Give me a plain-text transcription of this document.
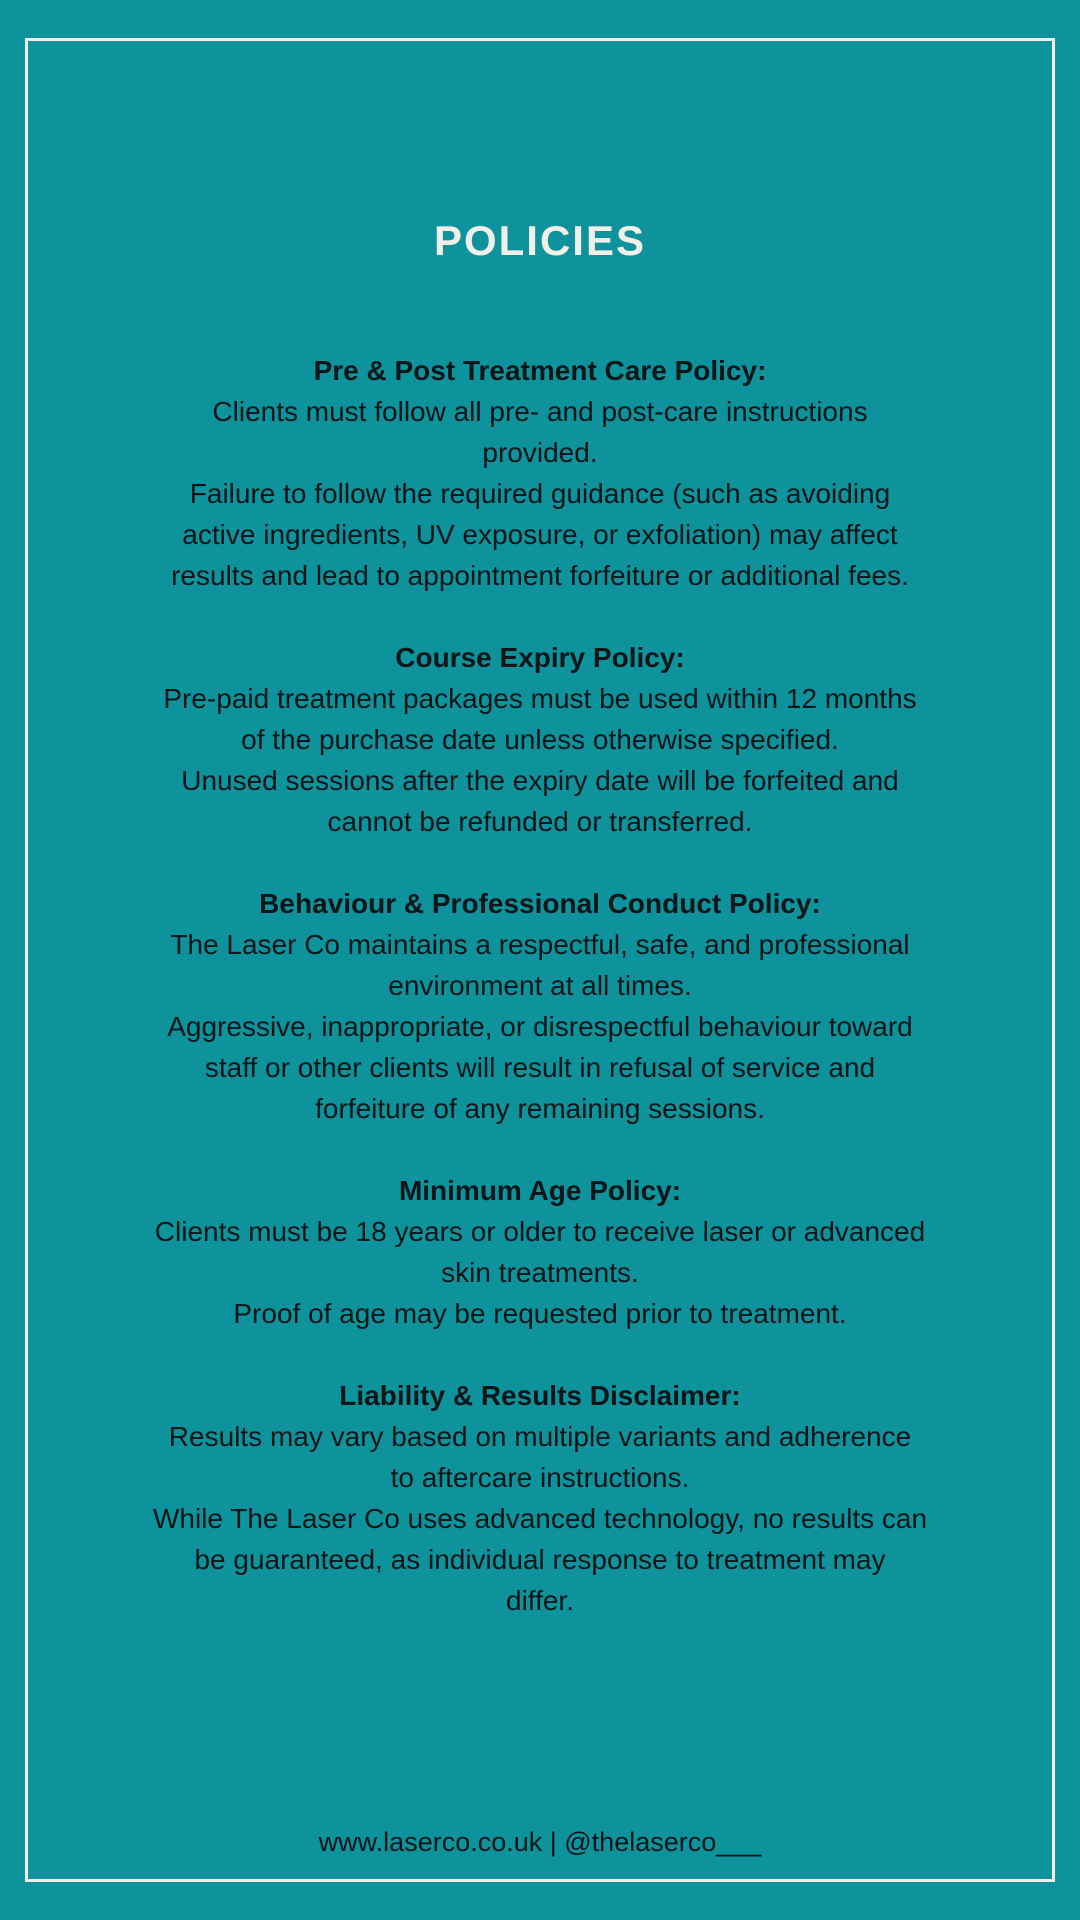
POLICIES
Pre & Post Treatment Care Policy:
Clients must follow all pre- and post-care instructions
provided.
Failure to follow the required guidance (such as avoiding
active ingredients, UV exposure, or exfoliation) may affect
results and lead to appointment forfeiture or additional fees.
Course Expiry Policy:
Pre-paid treatment packages must be used within 12 months
of the purchase date unless otherwise specified.
Unused sessions after the expiry date will be forfeited and
cannot be refunded or transferred.
Behaviour & Professional Conduct Policy:
The Laser Co maintains a respectful, safe, and professional
environment at all times.
Aggressive, inappropriate, or disrespectful behaviour toward
staff or other clients will result in refusal of service and
forfeiture of any remaining sessions.
Minimum Age Policy:
Clients must be 18 years or older to receive laser or advanced
skin treatments.
Proof of age may be requested prior to treatment.
Liability & Results Disclaimer:
Results may vary based on multiple variants and adherence
to aftercare instructions.
While The Laser Co uses advanced technology, no results can
be guaranteed, as individual response to treatment may
differ.
www.laserco.co.uk | @thelaserco___
